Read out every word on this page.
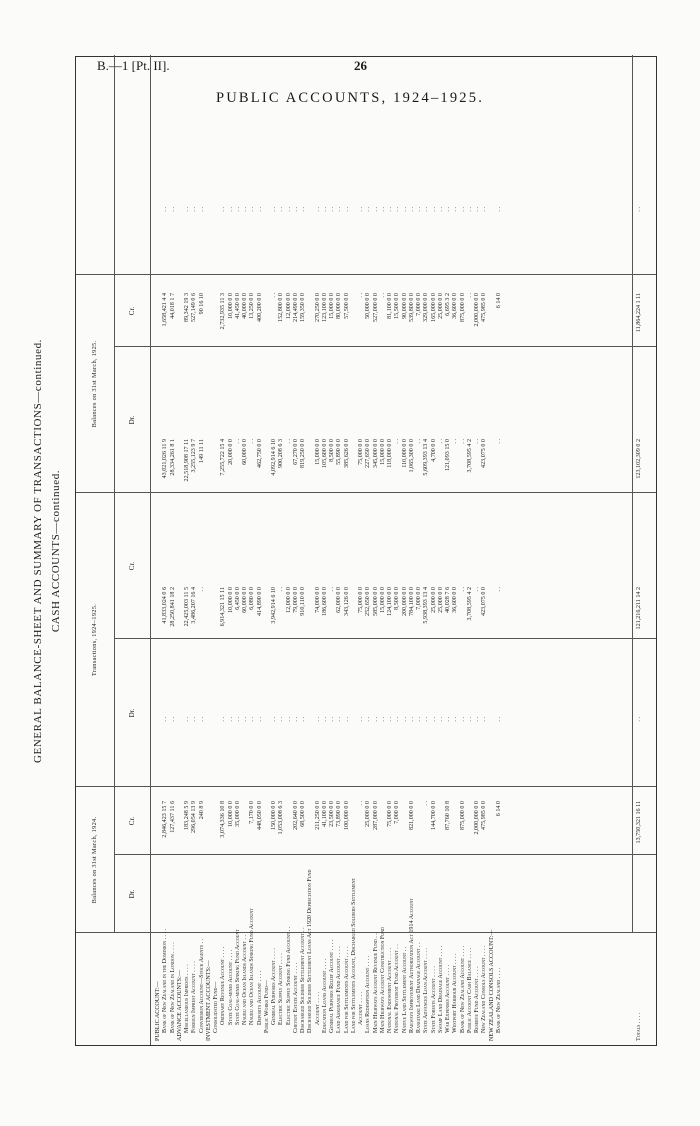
B.—1 [Pt. II].	26
PUBLIC ACCOUNTS, 1924–1925.
GENERAL BALANCE-SHEET AND SUMMARY OF TRANSACTIONS—continued. CASH ACCOUNTS—continued.
Balances on 31st March, 1924.
Transactions, 1924–1925.
Balances on 31st March, 1925.
Dr.
Cr.
Dr.
Cr.
Dr.
Cr.
PUBLIC ACCOUNT:— Bank of New Zealand in the Dominion . . . .
2,846,423 15 7
. .
41,833,024 0 6
43,021,026 11 9
1,658,421 4 4
. .
Bank of New Zealand in London . . . .
127,437 11 6
. .
28,250,841 18 2
28,334,261 8 1
44,018 1 7
. .
ADVANCE ACCOUNTS:— Miscellaneous Imprests . . . .
183,248 5 9
. .
22,425,003 11 5
22,518,908 17 11
89,342 19 3
. .
Foreign Imprest Account . . . .
296,054 13 9
. .
3,486,207 16 4
3,255,123 9 7
527,149 0 6
. .
Conversion Account—Stock Agents . .
240 8 9
. .
. .
149 11 11
90 16 10
. .
INVESTMENT ACCOUNTS:— Consolidated Fund— Ordinary Revenue Account . . . .
3,074,336 10 8
. .
6,914,321 15 11
7,255,722 15 4
2,732,935 11 3
. .
State Coal-mines Account . . . .
10,000 0 0
. .
10,000 0 0
20,000 0 0
10,000 0 0
. .
State Coal-mines Sinking Fund Account
35,000 0 0
. .
6,450 0 0
. .
41,450 0 0
. .
Nauru and Ocean Islands Account . .
. .
60,000 0 0
60,000 0 0
40,000 0 0
. .
Nauru and Ocean Islands Sinking Fund Account
7,170 0 0
. .
6,080 0 0
. .
13,250 0 0
. .
Deposits Account . . . .
448,050 0 0
. .
414,890 0 0
462,750 0 0
400,200 0 0
. .
Public Works Fund— General Purposes Account . . . .
150,000 0 0
. .
3,942,914 6 10
4,092,914 6 10
. .
. .
Electric Supply Account . . . .
1,053,008 6 3
. .
. .
900,208 6 3
152,800 0 0
. .
Electric Supply Sinking Fund Account . .
. .
12,000 0 0
. .
12,000 0 0
. .
Cheviot Estate Account . . . .
202,640 0 0
. .
79,000 0 0
67,270 0 0
214,490 0 0
. .
Discharged Soldiers Settlement Account . .
68,500 0 0
. .
910,110 0 0
819,250 0 0
159,350 0 0
. .
Discharged Soldiers Settlement Loans Act 1920 Depreciation Fund Account . . . .
211,250 0 0
. .
74,000 0 0
15,000 0 0
270,250 0 0
. .
Education Loans Account . . . .
41,100 0 0
. .
186,600 0 0
105,600 0 0
123,100 0 0
. .
General Purposes Relief Account . . . .
23,500 0 0
. .
. .
8,500 0 0
15,000 0 0
. .
Land Assurance Fund Account . . . .
73,890 0 0
. .
62,000 0 0
55,890 0 0
80,000 0 0
. .
Land for Settlements Account . . . .
100,000 0 0
. .
343,126 0 0
385,626 0 0
57,500 0 0
. .
Land for Settlements Account, Discharged Soldiers Settlement Account . . . .
. .
. .
75,000 0 0
75,000 0 0
. .
. .
Loans Redemption Account . . . .
25,000 0 0
. .
252,650 0 0
227,650 0 0
50,000 0 0
. .
Main Highways Account Revenue Fund . .
287,000 0 0
. .
585,000 0 0
345,000 0 0
527,000 0 0
. .
Main Highways Account Construction Fund
. .
15,000 0 0
15,000 0 0
. .
. .
National Endowment Account . . . .
75,000 0 0
. .
124,100 0 0
118,000 0 0
81,100 0 0
. .
National Provident Fund Account . .
7,000 0 0
. .
8,500 0 0
. .
15,500 0 0
. .
Native Land Settlement Account . .
. .
200,000 0 0
110,000 0 0
90,000 0 0
. .
Railways Improvement Authorization Act 1914 Account
821,000 0 0
. .
784,100 0 0
1,065,300 0 0
539,800 0 0
. .
Rangitaiki Land Drainage Account . .
. .
7,000 0 0
. .
7,000 0 0
. .
State Advances Loan Account . . . .
. .
. .
5,938,393 13 4
5,609,393 13 4
329,000 0 0
. .
State Forests Account . . . .
144,700 0 0
. .
25,000 0 0
4,700 0 0
165,000 0 0
. .
Swamp Land Drainage Account . . . .
. .
25,000 0 0
. .
25,000 0 0
. .
War Expenses Account . . . .
87,760 10 8
. .
40,028 7 6
121,093 15 0
6,695 3 2
. .
Westport Harbour Account . . . .
. .
36,600 0 0
. .
36,600 0 0
. .
Bank of New Zealand Account . . . .
875,000 0 0
. .
. .
. .
875,000 0 0
. .
Public Account Cash Balance . . . .
. .
3,708,595 4 2
3,708,595 4 2
. .
. .
Reserve Fund Account . . . .
2,000,000 0 0
. .
. .
. .
2,000,000 0 0
. .
New Zealand Consols Account . . . .
475,985 0 0
. .
423,075 0 0
423,075 0 0
475,985 0 0
. .
NEW ZEALAND CONSOLS ACCOUNT:— Bank of New Zealand . . . .
6 14 0
. .
. .
. .
6 14 0
. .
Totals . . . .
13,750,321 16 11
. .
121,216,211 14 2
123,102,309 0 2
11,864,224 1 11
. .
